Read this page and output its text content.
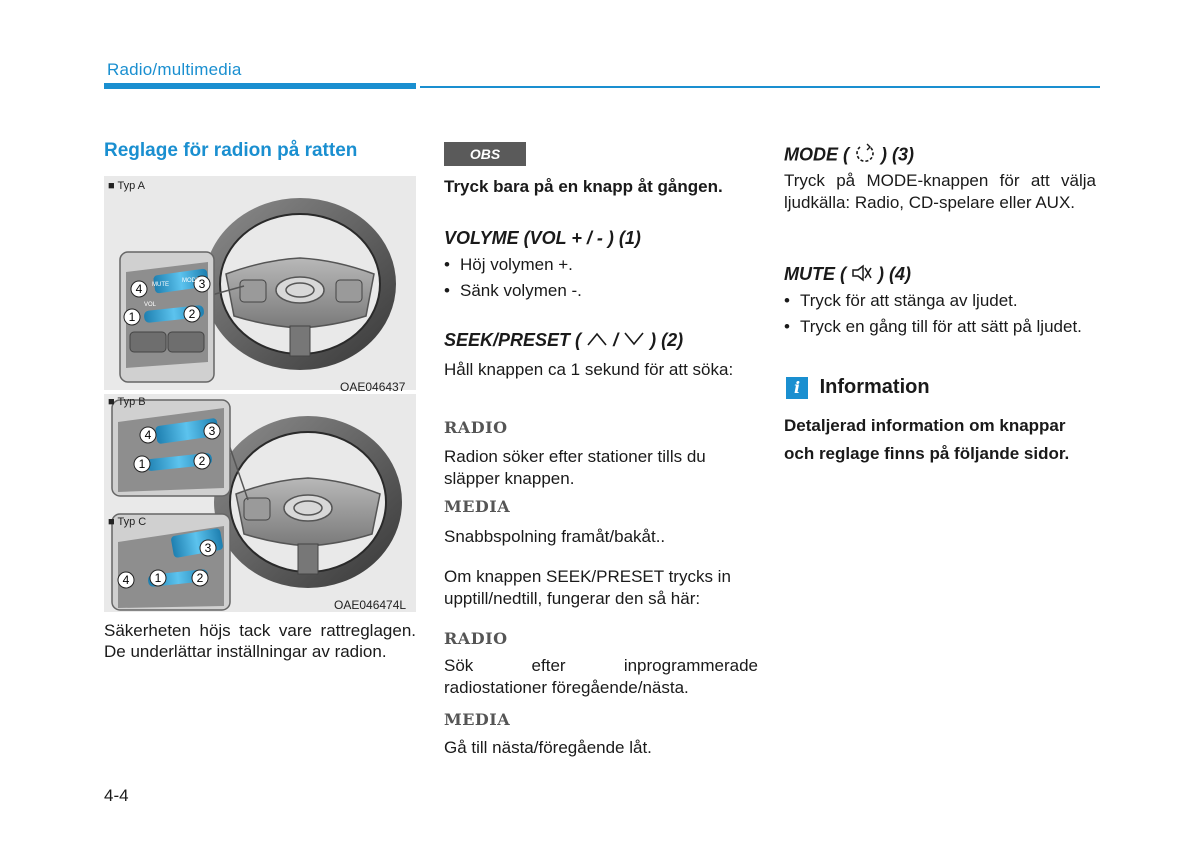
Radio/multimedia
Reglage för radion på ratten
4	3
1	2
4	3
1	2
3
4 1	2
MUTE
MODE
VOL
■ Typ A
■ Typ B
■ Typ C
OAE046437
OAE046474L
Säkerheten höjs tack vare rattreglagen. De underlättar inställningar av radion.
OBS
Tryck bara på en knapp åt gången.
VOLYME (VOL + / - ) (1)
• Höj volymen +.
• Sänk volymen -.
SEEK/PRESET (  /  ) (2)
Håll knappen ca 1 sekund för att söka:
RADIO
Radion söker efter stationer tills du släpper knappen.
MEDIA
Snabbspolning framåt/bakåt..
Om knappen SEEK/PRESET trycks in upptill/nedtill, fungerar den så här:
RADIO
Sök efter inprogrammerade radiostationer föregående/nästa.
MEDIA
Gå till nästa/föregående låt.
MODE ( ) (3)
Tryck på MODE-knappen för att välja ljudkälla: Radio, CD-spelare eller AUX.
MUTE ( ) (4)
• Tryck för att stänga av ljudet.
• Tryck en gång till för att sätt på ljudet.
i Information
Detaljerad information om knappar och reglage finns på följande sidor.
4-4
